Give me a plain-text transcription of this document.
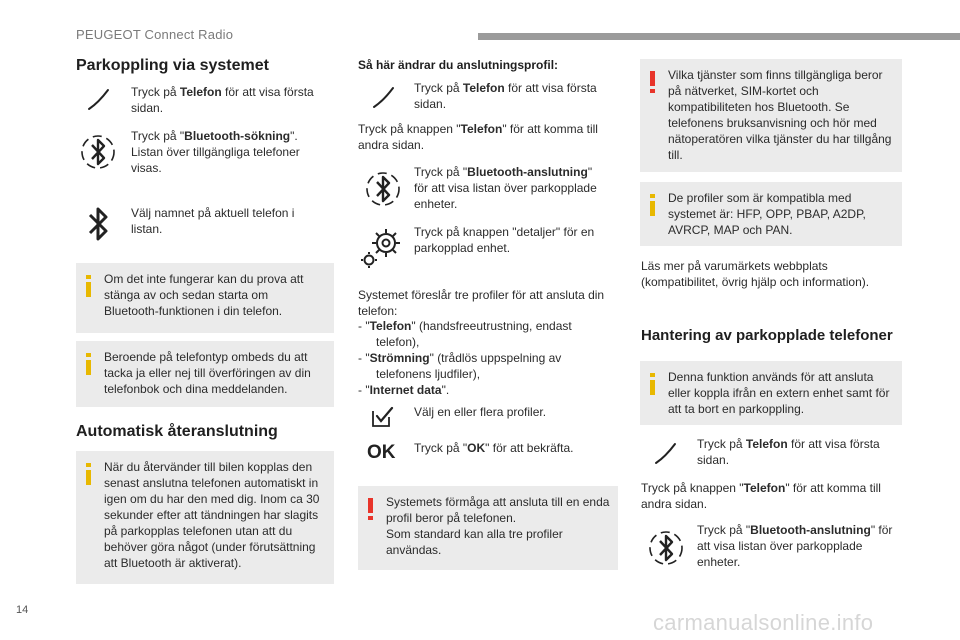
PEUGEOT Connect Radio
Parkoppling via systemet
Tryck på Telefon för att visa första sidan.
Tryck på "Bluetooth-sökning".
Listan över tillgängliga telefoner visas.
Välj namnet på aktuell telefon i listan.
Om det inte fungerar kan du prova att stänga av och sedan starta om Bluetooth-funktionen i din telefon.
Beroende på telefontyp ombeds du att tacka ja eller nej till överföringen av din telefonbok och dina meddelanden.
Automatisk återanslutning
När du återvänder till bilen kopplas den senast anslutna telefonen automatiskt in igen om du har den med dig. Inom ca 30 sekunder efter att tändningen har slagits på parkopplas telefonen utan att du behöver göra något (under förutsättning att Bluetooth är aktiverat).
Så här ändrar du anslutningsprofil:
Tryck på Telefon för att visa första sidan.
Tryck på knappen "Telefon" för att komma till andra sidan.
Tryck på "Bluetooth-anslutning" för att visa listan över parkopplade enheter.
Tryck på knappen "detaljer" för en parkopplad enhet.
Systemet föreslår tre profiler för att ansluta din telefon:
- "Telefon" (handsfreeutrustning, endast telefon),
- "Strömning" (trådlös uppspelning av telefonens ljudfiler),
- "Internet data".
Välj en eller flera profiler.
OK Tryck på "OK" för att bekräfta.
Systemets förmåga att ansluta till en enda profil beror på telefonen.
Som standard kan alla tre profiler användas.
Vilka tjänster som finns tillgängliga beror på nätverket, SIM-kortet och kompatibiliteten hos Bluetooth. Se telefonens bruksanvisning och hör med nätoperatören vilka tjänster du har tillgång till.
De profiler som är kompatibla med systemet är: HFP, OPP, PBAP, A2DP, AVRCP, MAP och PAN.
Läs mer på varumärkets webbplats (kompatibilitet, övrig hjälp och information).
Hantering av parkopplade telefoner
Denna funktion används för att ansluta eller koppla ifrån en extern enhet samt för att ta bort en parkoppling.
Tryck på Telefon för att visa första sidan.
Tryck på knappen "Telefon" för att komma till andra sidan.
Tryck på "Bluetooth-anslutning" för att visa listan över parkopplade enheter.
14	carmanualsonline.info
